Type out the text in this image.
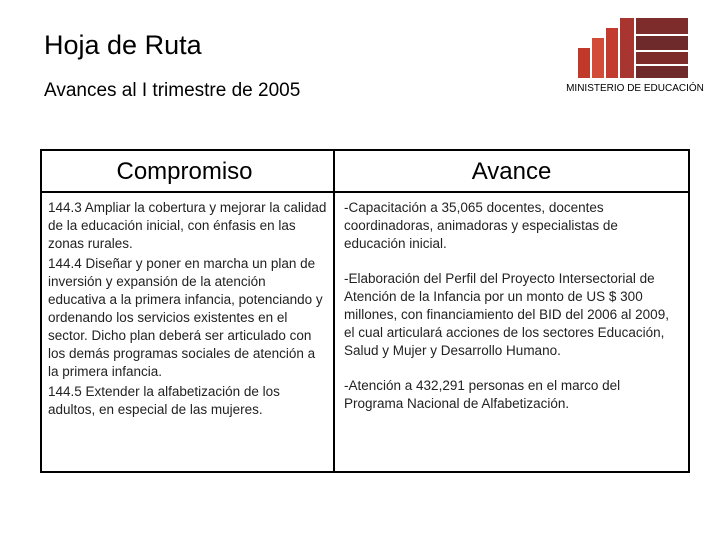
Hoja de Ruta
Avances al I trimestre de 2005	MINISTERIO DE EDUCACIÓN
Compromiso
144.3 Ampliar la cobertura y mejorar la calidad de la educación inicial, con énfasis en las zonas rurales.
144.4 Diseñar y poner en marcha un plan de inversión y expansión de la atención educativa a la primera infancia, potenciando y ordenando los servicios existentes en el sector. Dicho plan deberá ser articulado con los demás programas sociales de atención a la primera infancia.
144.5 Extender la alfabetización de los adultos, en especial de las mujeres.
Avance
-Capacitación a 35,065 docentes, docentes coordinadoras, animadoras y especialistas de educación inicial.
-Elaboración del Perfil del Proyecto Intersectorial de Atención de la Infancia por un monto de US $ 300 millones, con financiamiento del BID del 2006 al 2009, el cual articulará acciones de los sectores Educación, Salud y Mujer y Desarrollo Humano.
-Atención a 432,291 personas en el marco del Programa Nacional de Alfabetización.
